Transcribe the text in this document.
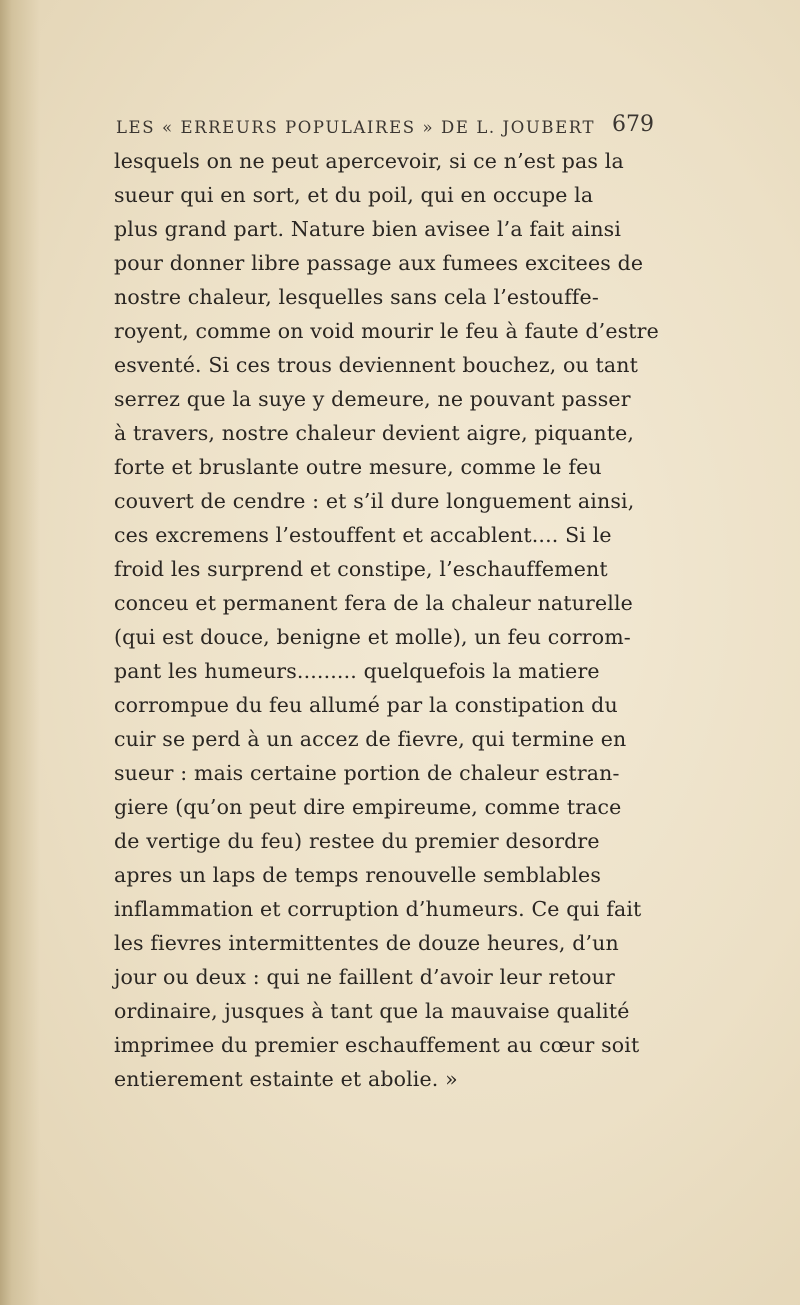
LES « ERREURS POPULAIRES » DE L. JOUBERT 679
lesquels on ne peut apercevoir, si ce n’est pas la
sueur qui en sort, et du poil, qui en occupe la
plus grand part. Nature bien avisee l’a fait ainsi
pour donner libre passage aux fumees excitees de
nostre chaleur, lesquelles sans cela l’estouffe-
royent, comme on void mourir le feu à faute d’estre
esventé. Si ces trous deviennent bouchez, ou tant
serrez que la suye y demeure, ne pouvant passer
à travers, nostre chaleur devient aigre, piquante,
forte et bruslante outre mesure, comme le feu
couvert de cendre : et s’il dure longuement ainsi,
ces excremens l’estouffent et accablent.... Si le
froid les surprend et constipe, l’eschauffement
conceu et permanent fera de la chaleur naturelle
(qui est douce, benigne et molle), un feu corrom-
pant les humeurs......... quelquefois la matiere
corrompue du feu allumé par la constipation du
cuir se perd à un accez de fievre, qui termine en
sueur : mais certaine portion de chaleur estran-
giere (qu’on peut dire empireume, comme trace
de vertige du feu) restee du premier desordre
apres un laps de temps renouvelle semblables
inflammation et corruption d’humeurs. Ce qui fait
les fievres intermittentes de douze heures, d’un
jour ou deux : qui ne faillent d’avoir leur retour
ordinaire, jusques à tant que la mauvaise qualité
imprimee du premier eschauffement au cœur soit
entierement estainte et abolie. »
